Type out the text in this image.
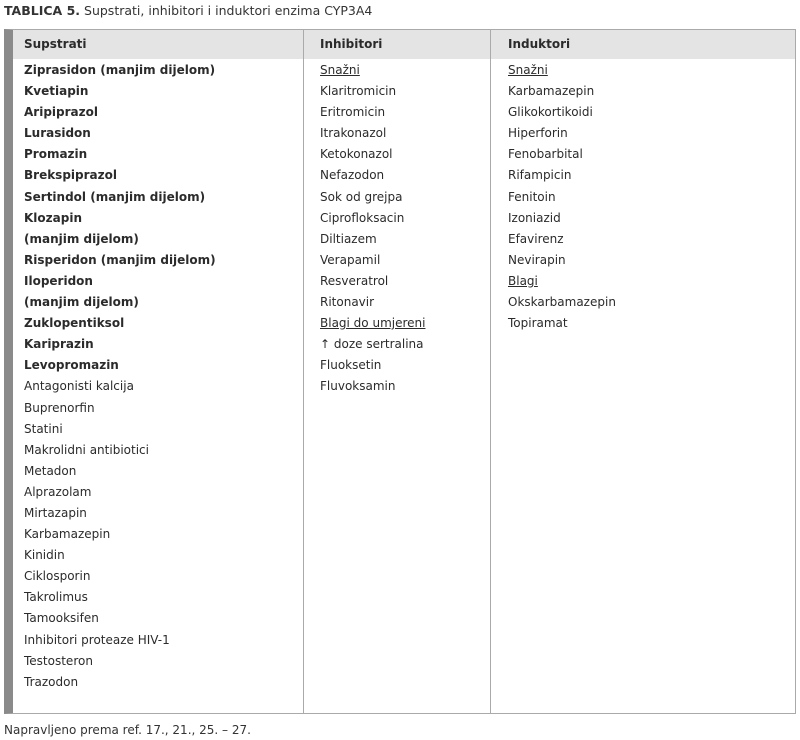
TABLICA 5. Supstrati, inhibitori i induktori enzima CYP3A4
Supstrati	Inhibitori	Induktori
Ziprasidon (manjim dijelom)
Kvetiapin
Aripiprazol
Lurasidon
Promazin
Brekspiprazol
Sertindol (manjim dijelom)
Klozapin
(manjim dijelom)
Risperidon (manjim dijelom)
Iloperidon
(manjim dijelom)
Zuklopentiksol
Kariprazin
Levopromazin
Antagonisti kalcija
Buprenorfin
Statini
Makrolidni antibiotici
Metadon
Alprazolam
Mirtazapin
Karbamazepin
Kinidin
Ciklosporin
Takrolimus
Tamooksifen
Inhibitori proteaze HIV-1
Testosteron
Trazodon
Snažni
Klaritromicin
Eritromicin
Itrakonazol
Ketokonazol
Nefazodon
Sok od grejpa
Ciprofloksacin
Diltiazem
Verapamil
Resveratrol
Ritonavir
Blagi do umjereni
↑ doze sertralina
Fluoksetin
Fluvoksamin
Snažni
Karbamazepin
Glikokortikoidi
Hiperforin
Fenobarbital
Rifampicin
Fenitoin
Izoniazid
Efavirenz
Nevirapin
Blagi
Okskarbamazepin
Topiramat
Napravljeno prema ref. 17., 21., 25. – 27.
